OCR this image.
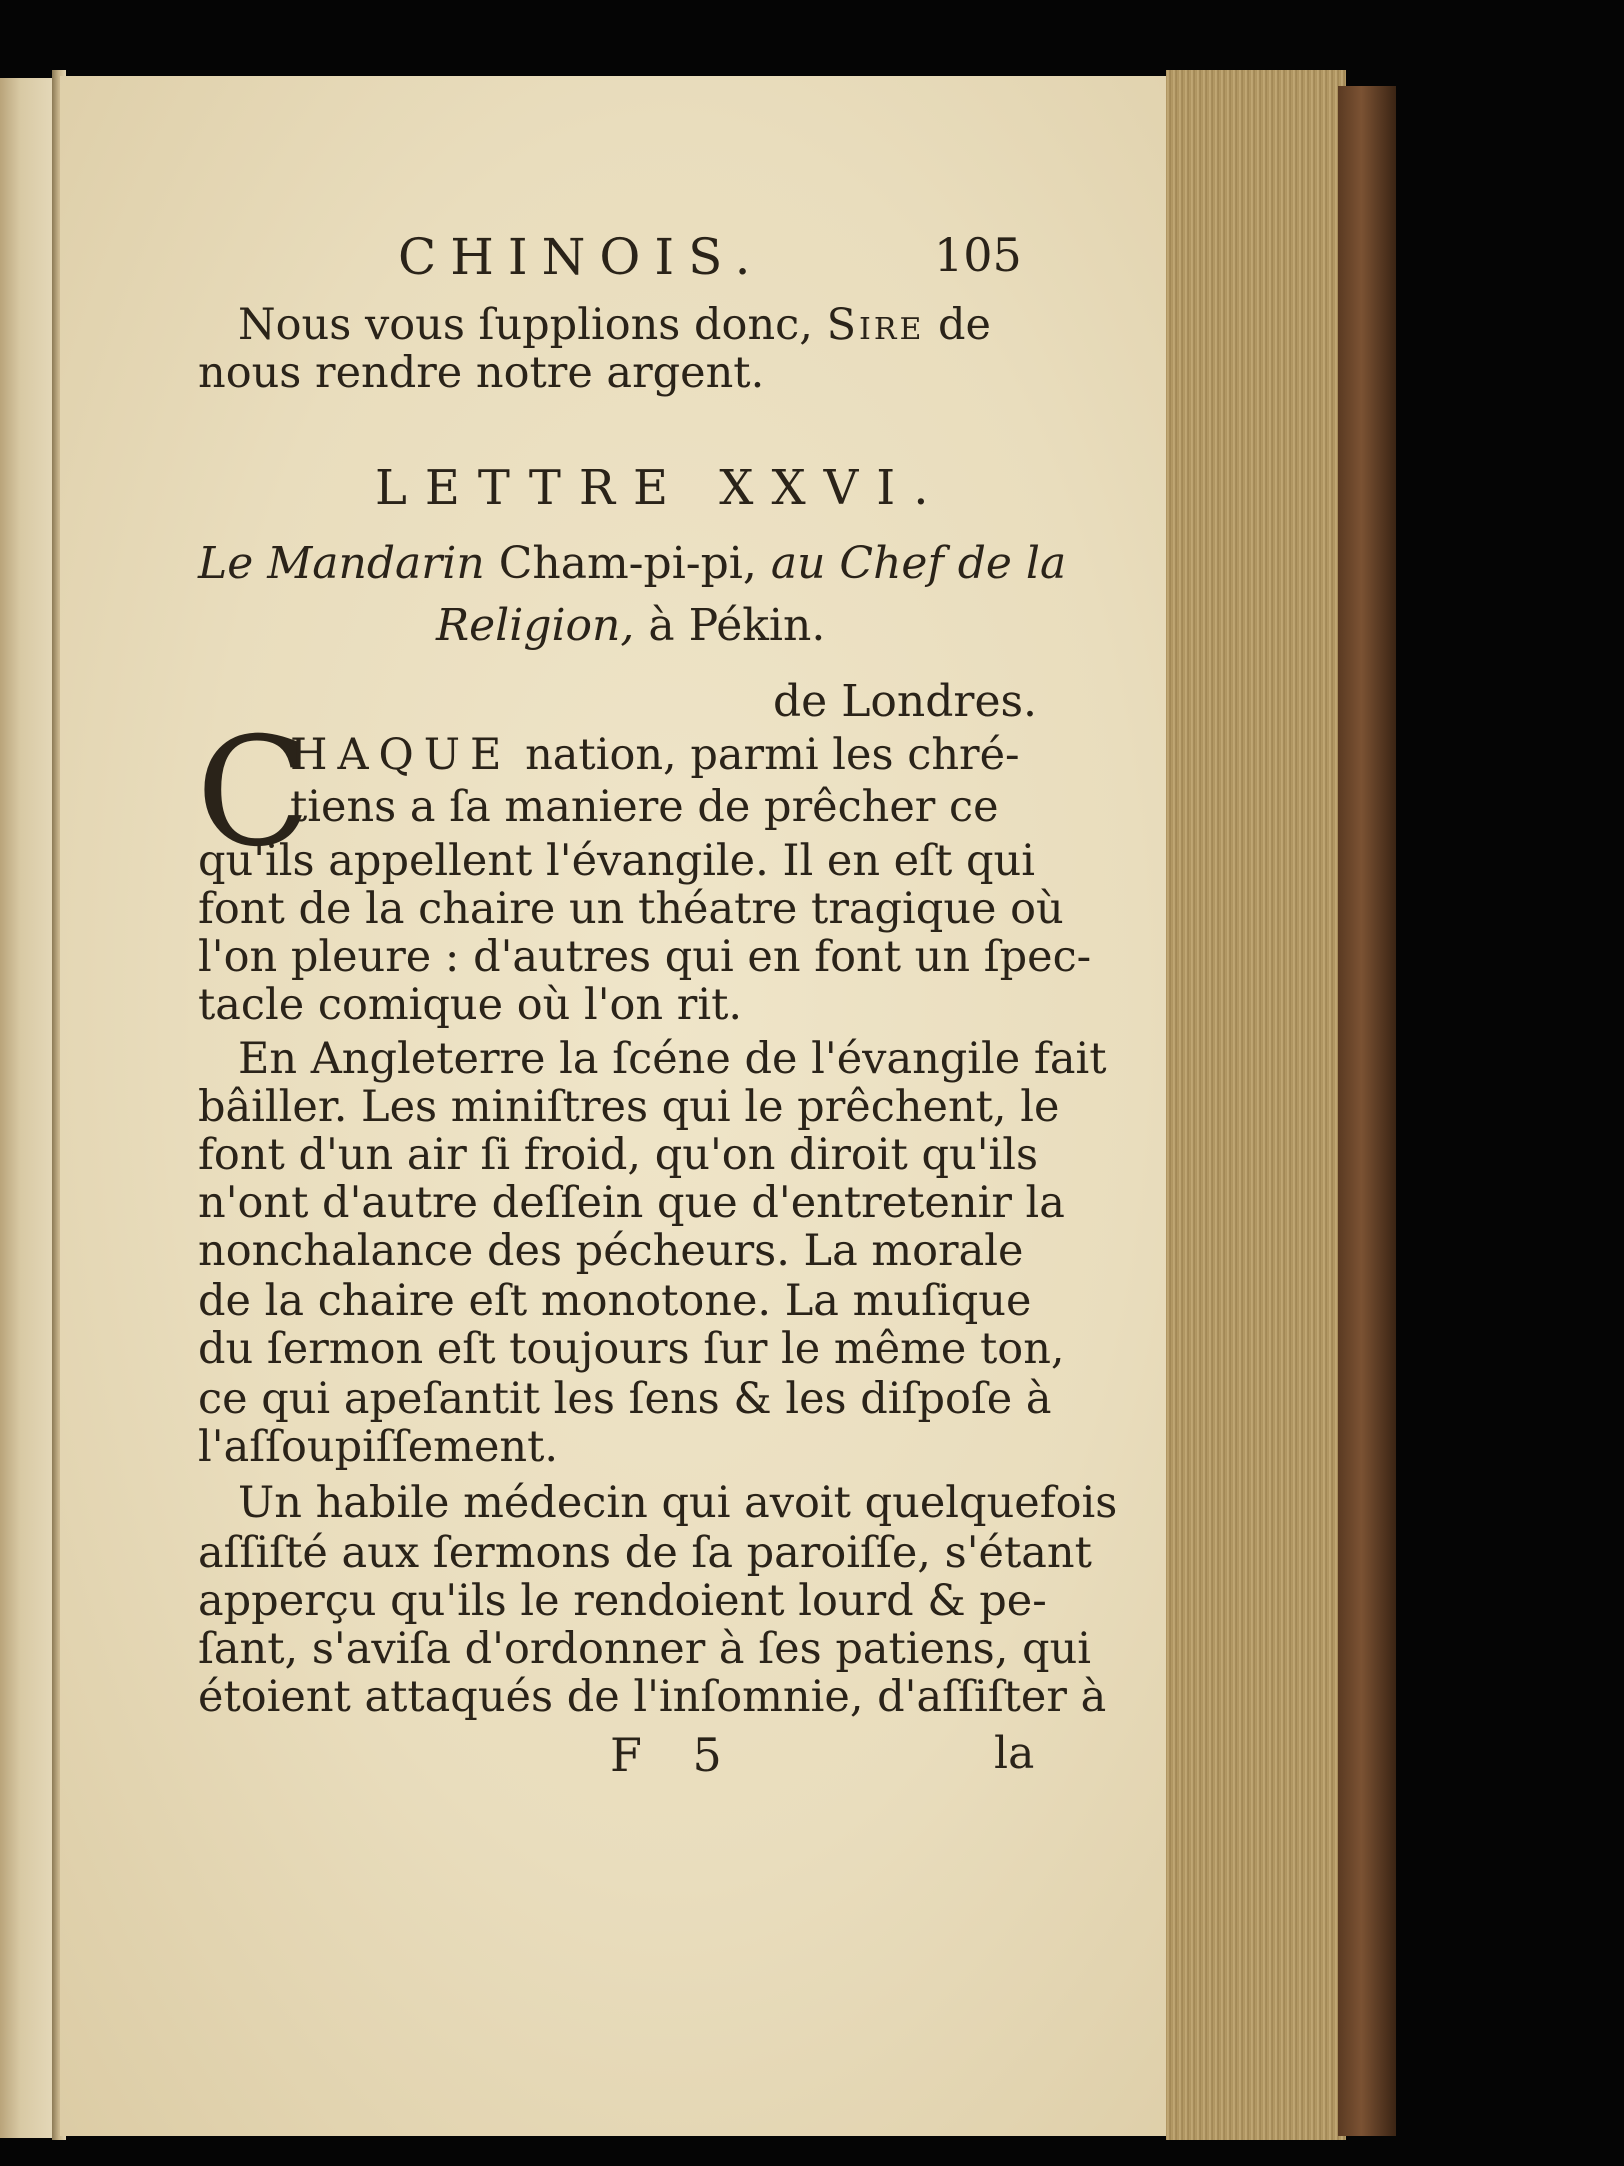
CHINOIS.	105
Nous vous ſupplions donc, Sire de
nous rendre notre argent.
LETTRE XXVI.
Le Mandarin Cham-pi-pi, au Chef de la
Religion, à Pékin.
de Londres.
C
HAQUE nation, parmi les chré-
tiens a ſa maniere de prêcher ce
qu'ils appellent l'évangile. Il en eſt qui
font de la chaire un théatre tragique où
l'on pleure : d'autres qui en font un ſpec-
tacle comique où l'on rit.
En Angleterre la ſcéne de l'évangile fait
bâiller. Les miniſtres qui le prêchent, le
font d'un air ſi froid, qu'on diroit qu'ils
n'ont d'autre deſſein que d'entretenir la
nonchalance des pécheurs. La morale
de la chaire eſt monotone. La muſique
du ſermon eſt toujours ſur le même ton,
ce qui apeſantit les ſens & les diſpoſe à
l'aſſoupiſſement.
Un habile médecin qui avoit quelquefois
aſſiſté aux ſermons de ſa paroiſſe, s'étant
apperçu qu'ils le rendoient lourd & pe-
ſant, s'aviſa d'ordonner à ſes patiens, qui
étoient attaqués de l'inſomnie, d'aſſiſter à
F 5	la
